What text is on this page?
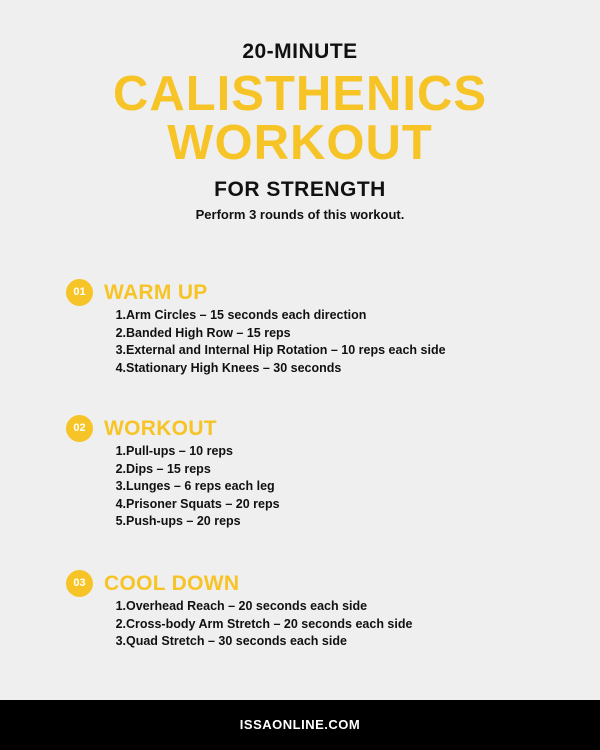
20-MINUTE
CALISTHENICS
WORKOUT
FOR STRENGTH
Perform 3 rounds of this workout.
01 WARM UP
1.Arm Circles – 15 seconds each direction
2.Banded High Row – 15 reps
3.External and Internal Hip Rotation – 10 reps each side
4.Stationary High Knees – 30 seconds
02 WORKOUT
1.Pull-ups – 10 reps
2.Dips – 15 reps
3.Lunges – 6 reps each leg
4.Prisoner Squats – 20 reps
5.Push-ups – 20 reps
03 COOL DOWN
1.Overhead Reach – 20 seconds each side
2.Cross-body Arm Stretch – 20 seconds each side
3.Quad Stretch – 30 seconds each side
ISSAONLINE.COM
